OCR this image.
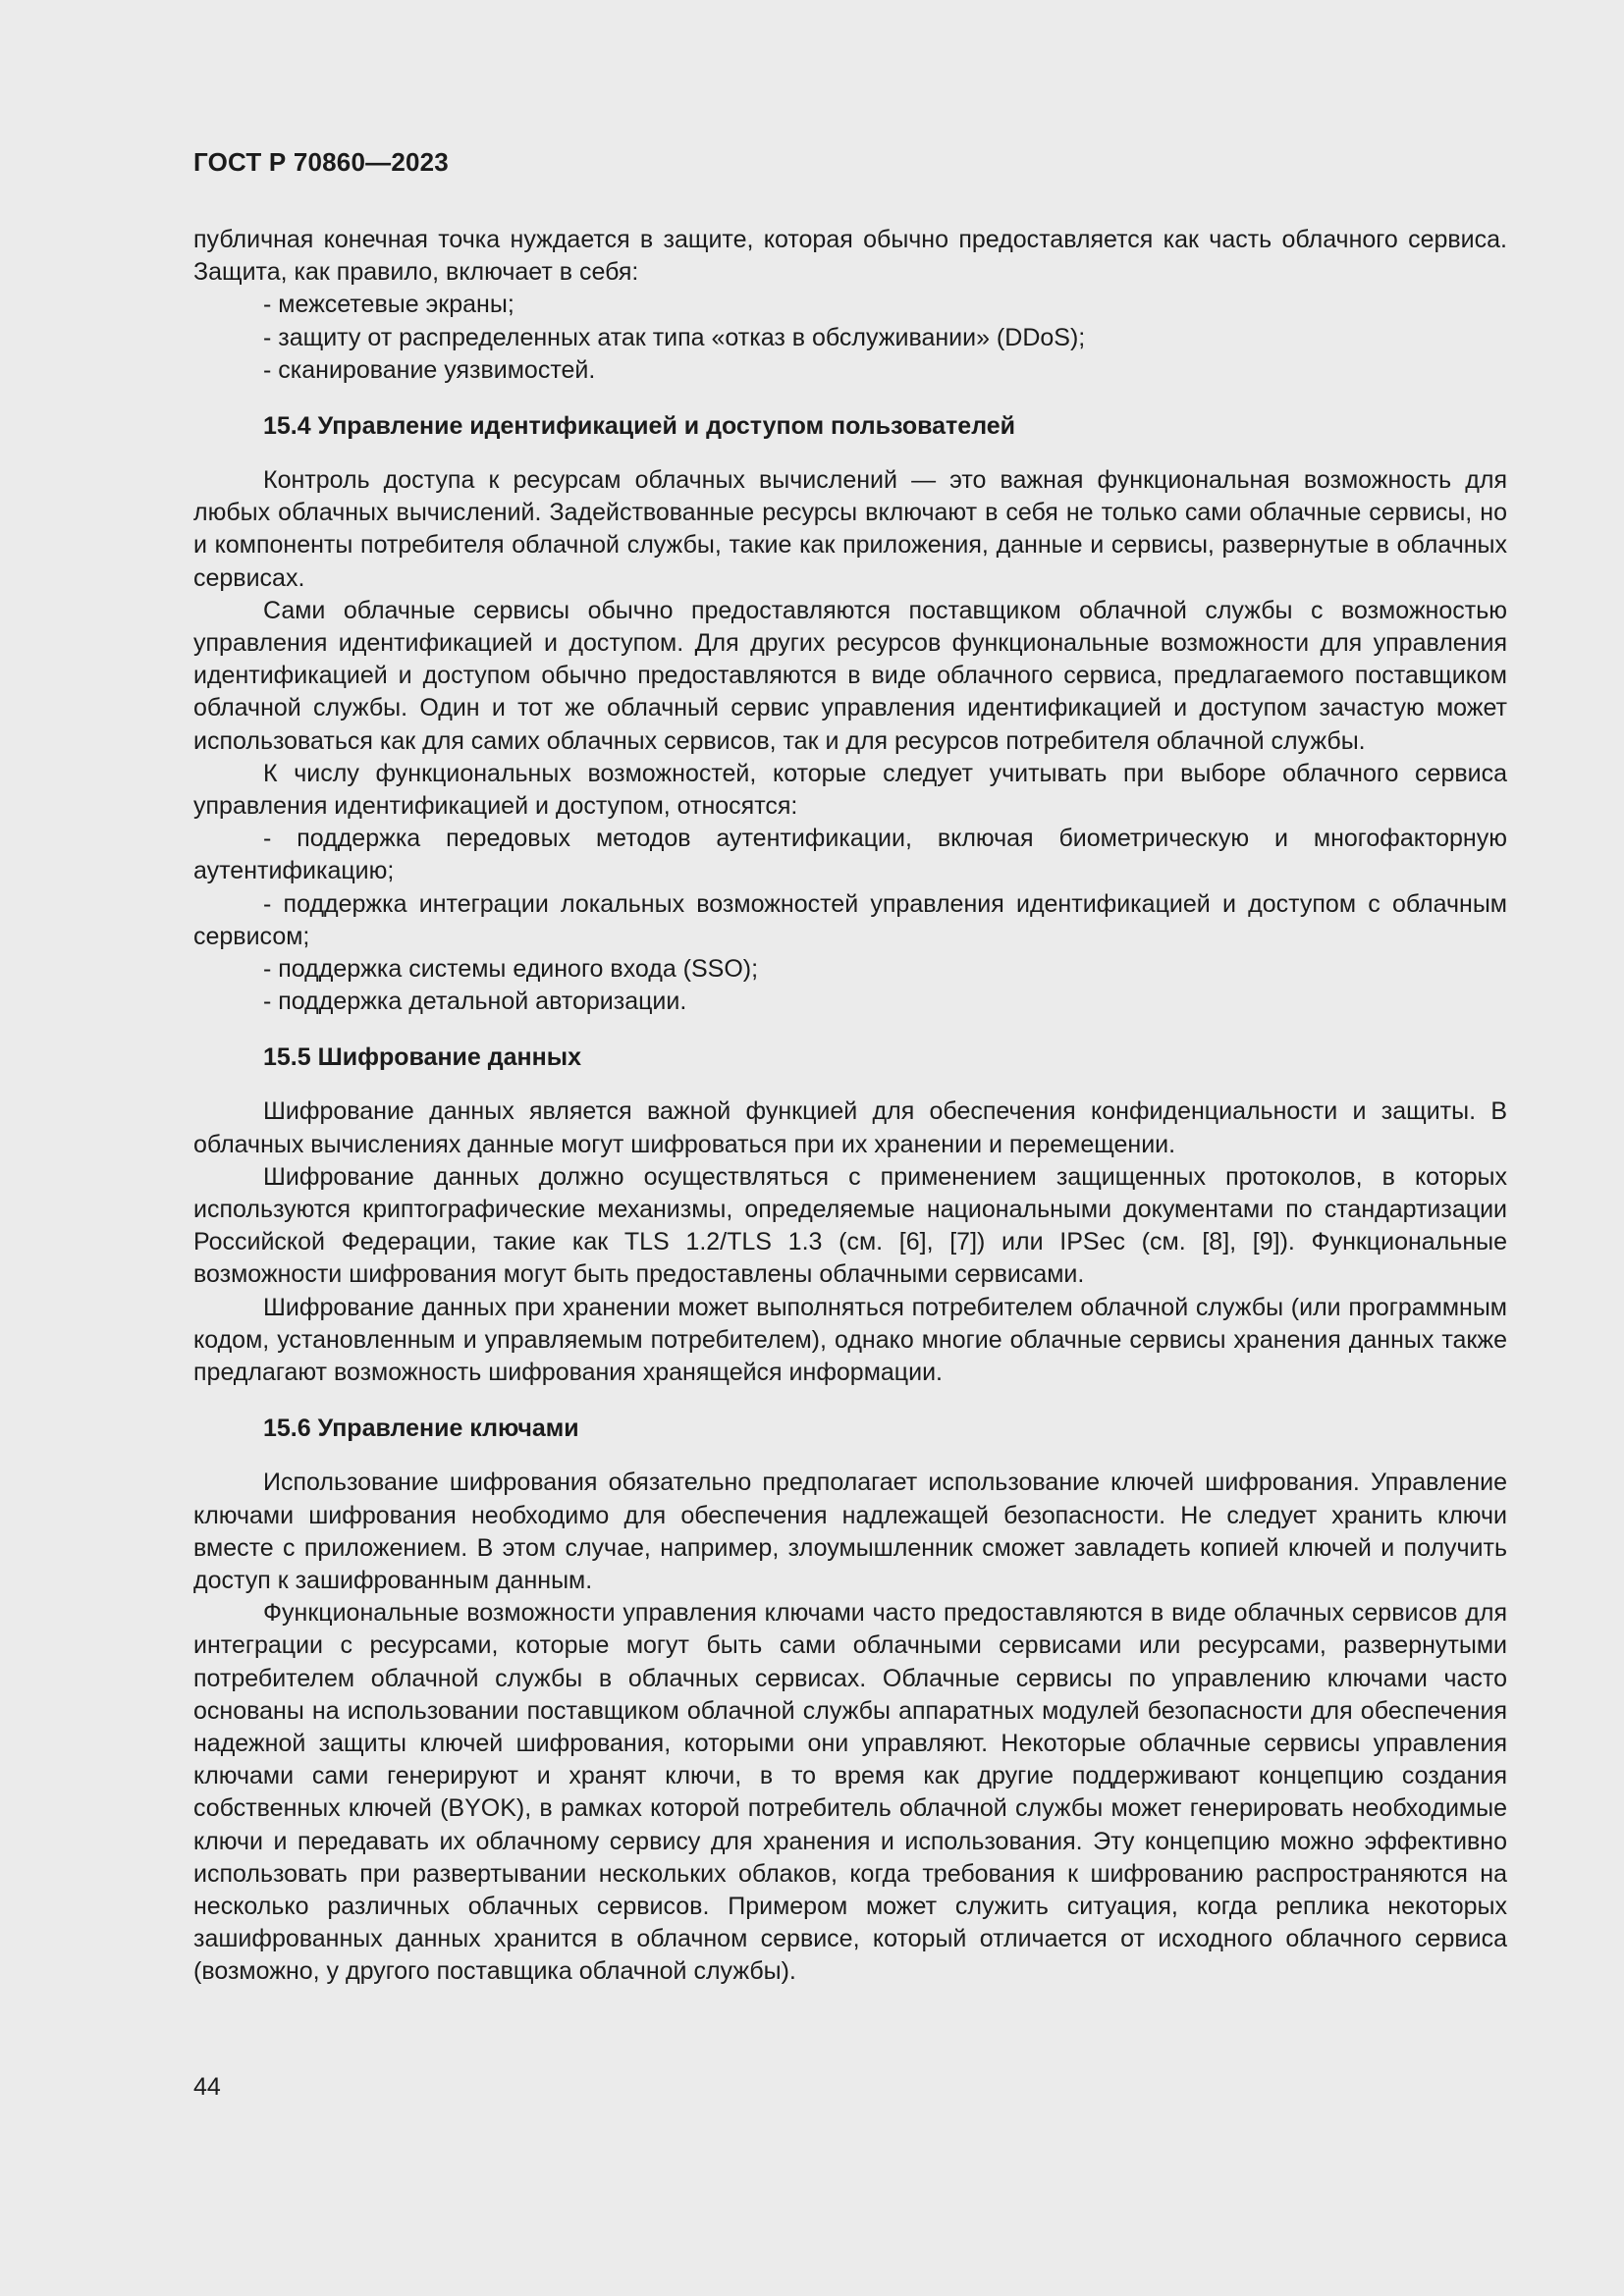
ГОСТ Р 70860—2023

публичная конечная точка нуждается в защите, которая обычно предоставляется как часть облачного сервиса. Защита, как правило, включает в себя:

- межсетевые экраны;

- защиту от распределенных атак типа «отказ в обслуживании» (DDoS);

- сканирование уязвимостей.

15.4 Управление идентификацией и доступом пользователей

Контроль доступа к ресурсам облачных вычислений — это важная функциональная возможность для любых облачных вычислений. Задействованные ресурсы включают в себя не только сами облачные сервисы, но и компоненты потребителя облачной службы, такие как приложения, данные и сервисы, развернутые в облачных сервисах.

Сами облачные сервисы обычно предоставляются поставщиком облачной службы с возможностью управления идентификацией и доступом. Для других ресурсов функциональные возможности для управления идентификацией и доступом обычно предоставляются в виде облачного сервиса, предлагаемого поставщиком облачной службы. Один и тот же облачный сервис управления идентификацией и доступом зачастую может использоваться как для самих облачных сервисов, так и для ресурсов потребителя облачной службы.

К числу функциональных возможностей, которые следует учитывать при выборе облачного сервиса управления идентификацией и доступом, относятся:

- поддержка передовых методов аутентификации, включая биометрическую и многофакторную аутентификацию;

- поддержка интеграции локальных возможностей управления идентификацией и доступом с облачным сервисом;

- поддержка системы единого входа (SSO);

- поддержка детальной авторизации.

15.5 Шифрование данных

Шифрование данных является важной функцией для обеспечения конфиденциальности и защиты. В облачных вычислениях данные могут шифроваться при их хранении и перемещении.

Шифрование данных должно осуществляться с применением защищенных протоколов, в которых используются криптографические механизмы, определяемые национальными документами по стандартизации Российской Федерации, такие как TLS 1.2/TLS 1.3 (см. [6], [7]) или IPSec (см. [8], [9]). Функциональные возможности шифрования могут быть предоставлены облачными сервисами.

Шифрование данных при хранении может выполняться потребителем облачной службы (или программным кодом, установленным и управляемым потребителем), однако многие облачные сервисы хранения данных также предлагают возможность шифрования хранящейся информации.

15.6 Управление ключами

Использование шифрования обязательно предполагает использование ключей шифрования. Управление ключами шифрования необходимо для обеспечения надлежащей безопасности. Не следует хранить ключи вместе с приложением. В этом случае, например, злоумышленник сможет завладеть копией ключей и получить доступ к зашифрованным данным.

Функциональные возможности управления ключами часто предоставляются в виде облачных сервисов для интеграции с ресурсами, которые могут быть сами облачными сервисами или ресурсами, развернутыми потребителем облачной службы в облачных сервисах. Облачные сервисы по управлению ключами часто основаны на использовании поставщиком облачной службы аппаратных модулей безопасности для обеспечения надежной защиты ключей шифрования, которыми они управляют. Некоторые облачные сервисы управления ключами сами генерируют и хранят ключи, в то время как другие поддерживают концепцию создания собственных ключей (BYOK), в рамках которой потребитель облачной службы может генерировать необходимые ключи и передавать их облачному сервису для хранения и использования. Эту концепцию можно эффективно использовать при развертывании нескольких облаков, когда требования к шифрованию распространяются на несколько различных облачных сервисов. Примером может служить ситуация, когда реплика некоторых зашифрованных данных хранится в облачном сервисе, который отличается от исходного облачного сервиса (возможно, у другого поставщика облачной службы).

44
